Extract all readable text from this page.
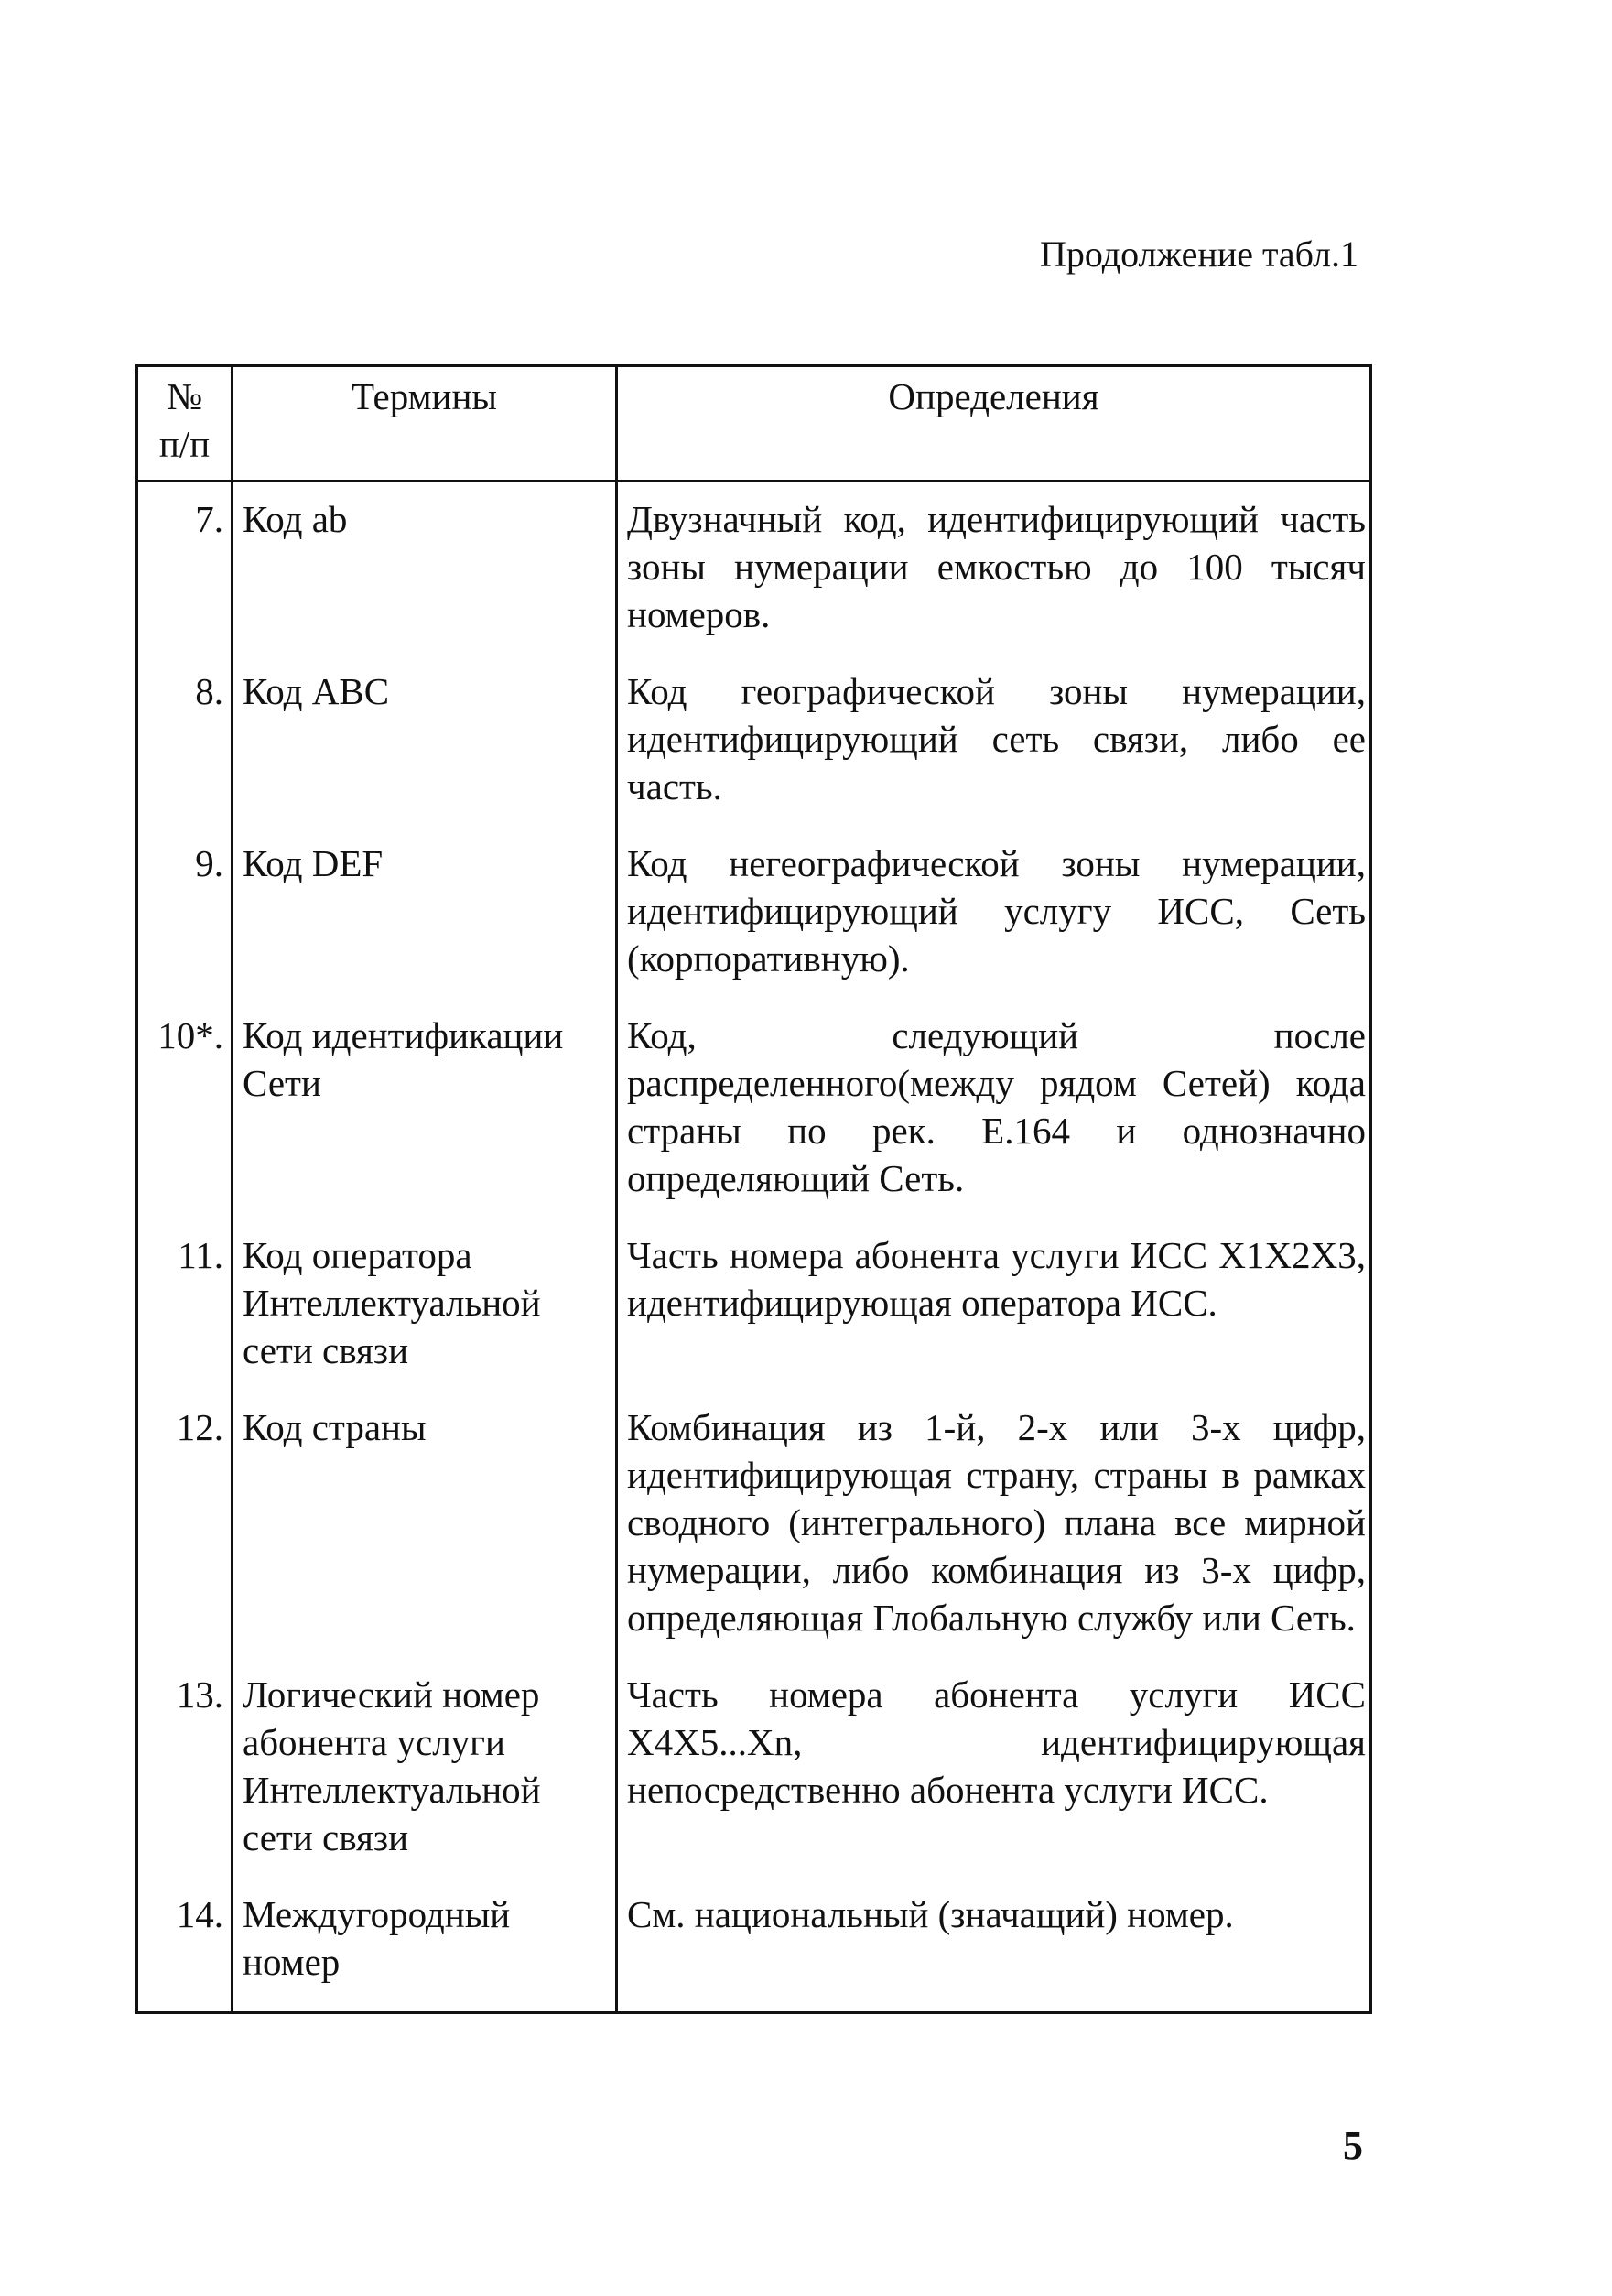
Продолжение табл.1
№ п/п	Термины	Определения
7.	Код ab	Двузначный код, идентифицирующий часть зоны нумерации емкостью до 100 тысяч номеров.
8.	Код ABC	Код географической зоны нумерации, идентифицирующий сеть связи, либо ее часть.
9.	Код DEF	Код негеографической зоны нумерации, идентифицирующий услугу ИСС, Сеть (корпоративную).
10*.	Код идентификации Сети	Код, следующий после распределенного(между рядом Сетей) кода страны по рек. Е.164 и однозначно определяющий Сеть.
11.	Код оператора Интеллектуальной сети связи	Часть номера абонента услуги ИСС X1X2X3, идентифицирующая оператора ИСС.
12.	Код страны	Комбинация из 1-й, 2-х или 3-х цифр, идентифицирующая страну, страны в рамках сводного (интегрального) плана все мирной нумерации, либо комбинация из 3-х цифр, определяющая Глобальную службу или Сеть.
13.	Логический номер абонента услуги Интеллектуальной сети связи	Часть номера абонента услуги ИСС X4X5...Xn, идентифицирующая непосредственно абонента услуги ИСС.
14.	Междугородный номер	См. национальный (значащий) номер.
5
